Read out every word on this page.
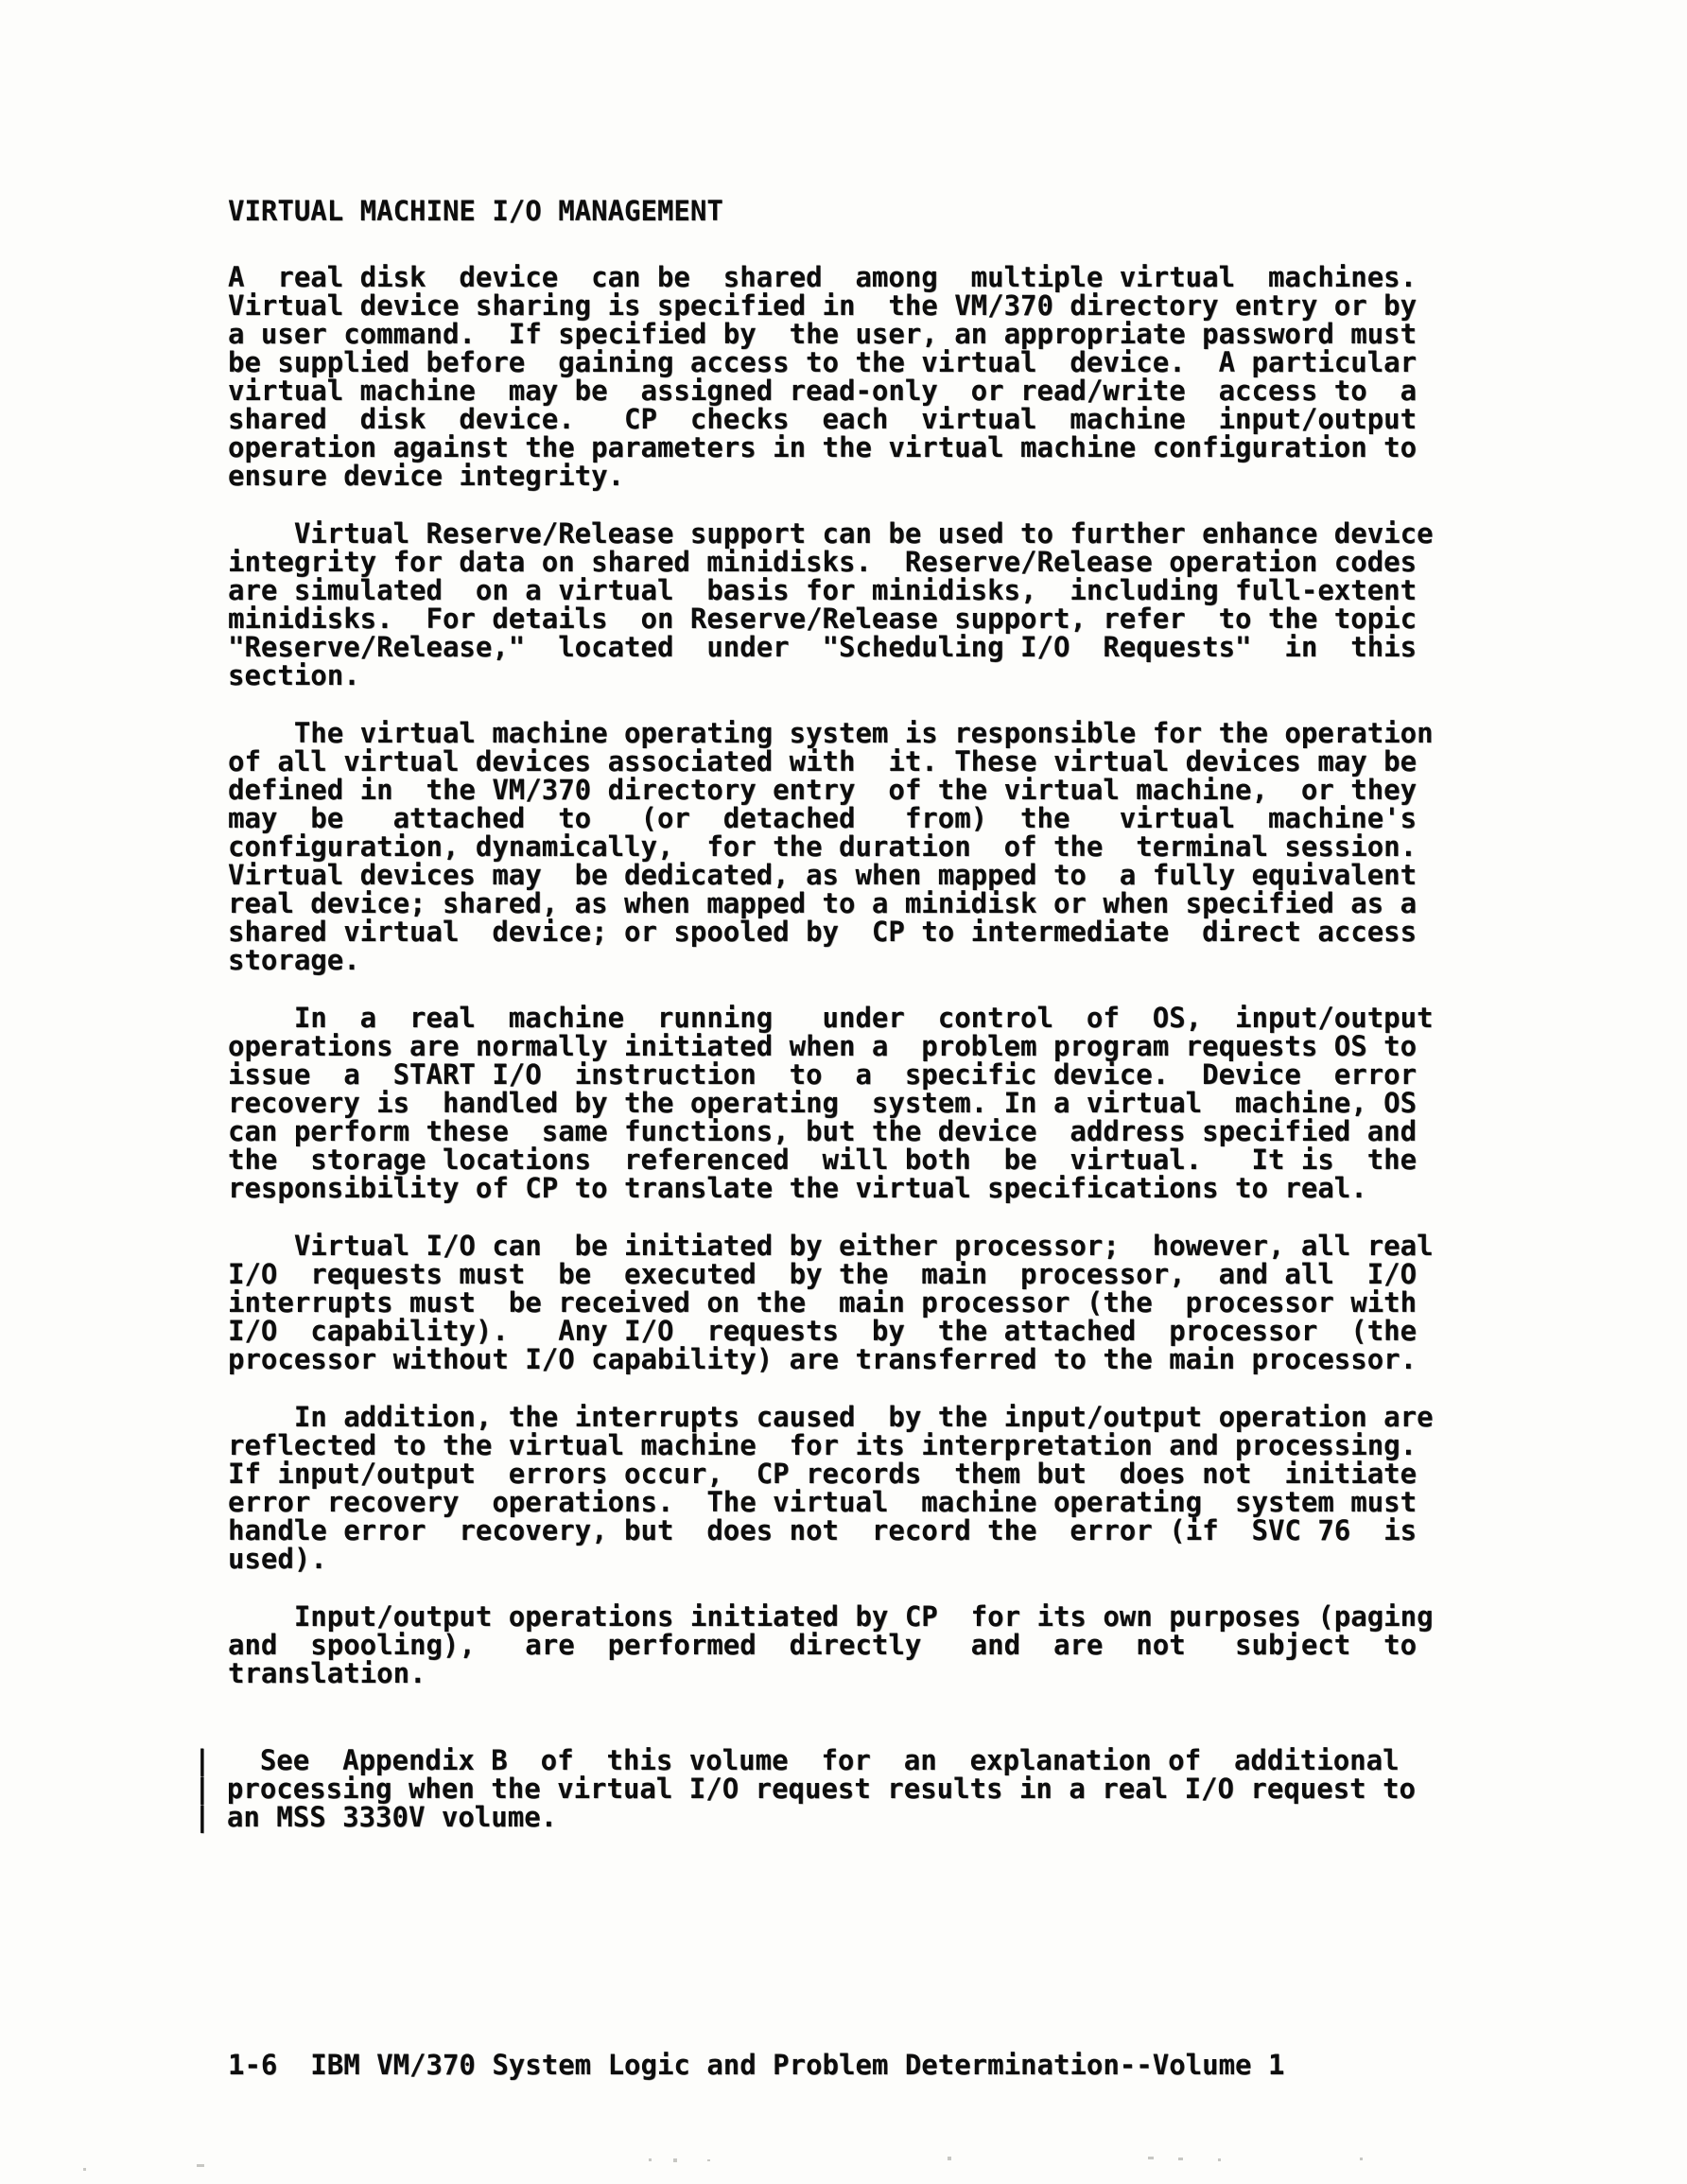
VIRTUAL MACHINE I/O MANAGEMENT
A  real disk  device  can be  shared  among  multiple virtual  machines.
Virtual device sharing is specified in  the VM/370 directory entry or by
a user command.  If specified by  the user, an appropriate password must
be supplied before  gaining access to the virtual  device.  A particular
virtual machine  may be  assigned read-only  or read/write  access to  a
shared  disk  device.   CP  checks  each  virtual  machine  input/output
operation against the parameters in the virtual machine configuration to
ensure device integrity.
Virtual Reserve/Release support can be used to further enhance device
integrity for data on shared minidisks.  Reserve/Release operation codes
are simulated  on a virtual  basis for minidisks,  including full-extent
minidisks.  For details  on Reserve/Release support, refer  to the topic
"Reserve/Release,"  located  under  "Scheduling I/O  Requests"  in  this
section.
The virtual machine operating system is responsible for the operation
of all virtual devices associated with  it. These virtual devices may be
defined in  the VM/370 directory entry  of the virtual machine,  or they
may  be   attached  to   (or  detached   from)  the   virtual  machine's
configuration, dynamically,  for the duration  of the  terminal session.
Virtual devices may  be dedicated, as when mapped to  a fully equivalent
real device; shared, as when mapped to a minidisk or when specified as a
shared virtual  device; or spooled by  CP to intermediate  direct access
storage.
In  a  real  machine  running   under  control  of  OS,  input/output
operations are normally initiated when a  problem program requests OS to
issue  a  START I/O  instruction  to  a  specific device.  Device  error
recovery is  handled by the operating  system. In a virtual  machine, OS
can perform these  same functions, but the device  address specified and
the  storage locations  referenced  will both  be  virtual.   It is  the
responsibility of CP to translate the virtual specifications to real.
Virtual I/O can  be initiated by either processor;  however, all real
I/O  requests must  be  executed  by the  main  processor,  and all  I/O
interrupts must  be received on the  main processor (the  processor with
I/O  capability).   Any I/O  requests  by  the attached  processor  (the
processor without I/O capability) are transferred to the main processor.
In addition, the interrupts caused  by the input/output operation are
reflected to the virtual machine  for its interpretation and processing.
If input/output  errors occur,  CP records  them but  does not  initiate
error recovery  operations.  The virtual  machine operating  system must
handle error  recovery, but  does not  record the  error (if  SVC 76  is
used).
Input/output operations initiated by CP  for its own purposes (paging
and  spooling),   are  performed  directly   and  are  not   subject  to
translation.
|   See  Appendix B  of  this volume  for  an  explanation of  additional
| processing when the virtual I/O request results in a real I/O request to
| an MSS 3330V volume.
1-6  IBM VM/370 System Logic and Problem Determination--Volume 1
